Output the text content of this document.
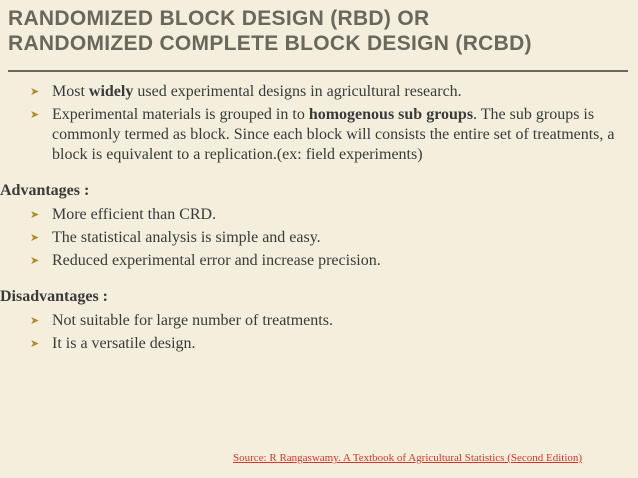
RANDOMIZED BLOCK DESIGN (RBD) OR
RANDOMIZED COMPLETE BLOCK DESIGN (RCBD)
➤ Most widely used experimental designs in agricultural research.
➤ Experimental materials is grouped in to homogenous sub groups. The sub groups is commonly termed as block. Since each block will consists the entire set of treatments, a block is equivalent to a replication.(ex: field experiments)
Advantages :
➤ More efficient than CRD.
➤ The statistical analysis is simple and easy.
➤ Reduced experimental error and increase precision.
Disadvantages :
➤ Not suitable for large number of treatments.
➤ It is a versatile design.
Source: R Rangaswamy. A Textbook of Agricultural Statistics (Second Edition)
